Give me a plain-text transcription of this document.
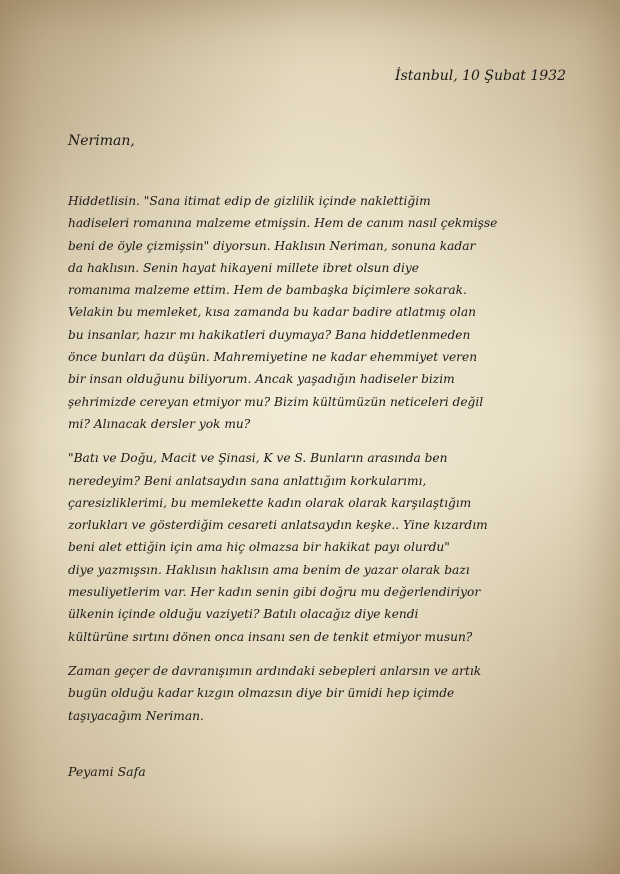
İstanbul, 10 Şubat 1932
Neriman,
Hiddetlisin. "Sana itimat edip de gizlilik içinde naklettiğim
hadiseleri romanına malzeme etmişsin. Hem de canım nasıl çekmişse
beni de öyle çizmişsin" diyorsun. Haklısın Neriman, sonuna kadar
da haklısın. Senin hayat hikayeni millete ibret olsun diye
romanıma malzeme ettim. Hem de bambaşka biçimlere sokarak.
Velakin bu memleket, kısa zamanda bu kadar badire atlatmış olan
bu insanlar, hazır mı hakikatleri duymaya? Bana hiddetlenmeden
önce bunları da düşün. Mahremiyetine ne kadar ehemmiyet veren
bir insan olduğunu biliyorum. Ancak yaşadığın hadiseler bizim
şehrimizde cereyan etmiyor mu? Bizim kültümüzün neticeleri değil
mi? Alınacak dersler yok mu?
"Batı ve Doğu, Macit ve Şinasi, K ve S. Bunların arasında ben
neredeyim? Beni anlatsaydın sana anlattığım korkularımı,
çaresizliklerimi, bu memlekette kadın olarak olarak karşılaştığım
zorlukları ve gösterdiğim cesareti anlatsaydın keşke.. Yine kızardım
beni alet ettiğin için ama hiç olmazsa bir hakikat payı olurdu"
diye yazmışsın. Haklısın haklısın ama benim de yazar olarak bazı
mesuliyetlerim var. Her kadın senin gibi doğru mu değerlendiriyor
ülkenin içinde olduğu vaziyeti? Batılı olacağız diye kendi
kültürüne sırtını dönen onca insanı sen de tenkit etmiyor musun?
Zaman geçer de davranışımın ardındaki sebepleri anlarsın ve artık
bugün olduğu kadar kızgın olmazsın diye bir ümidi hep içimde
taşıyacağım Neriman.
Peyami Safa
